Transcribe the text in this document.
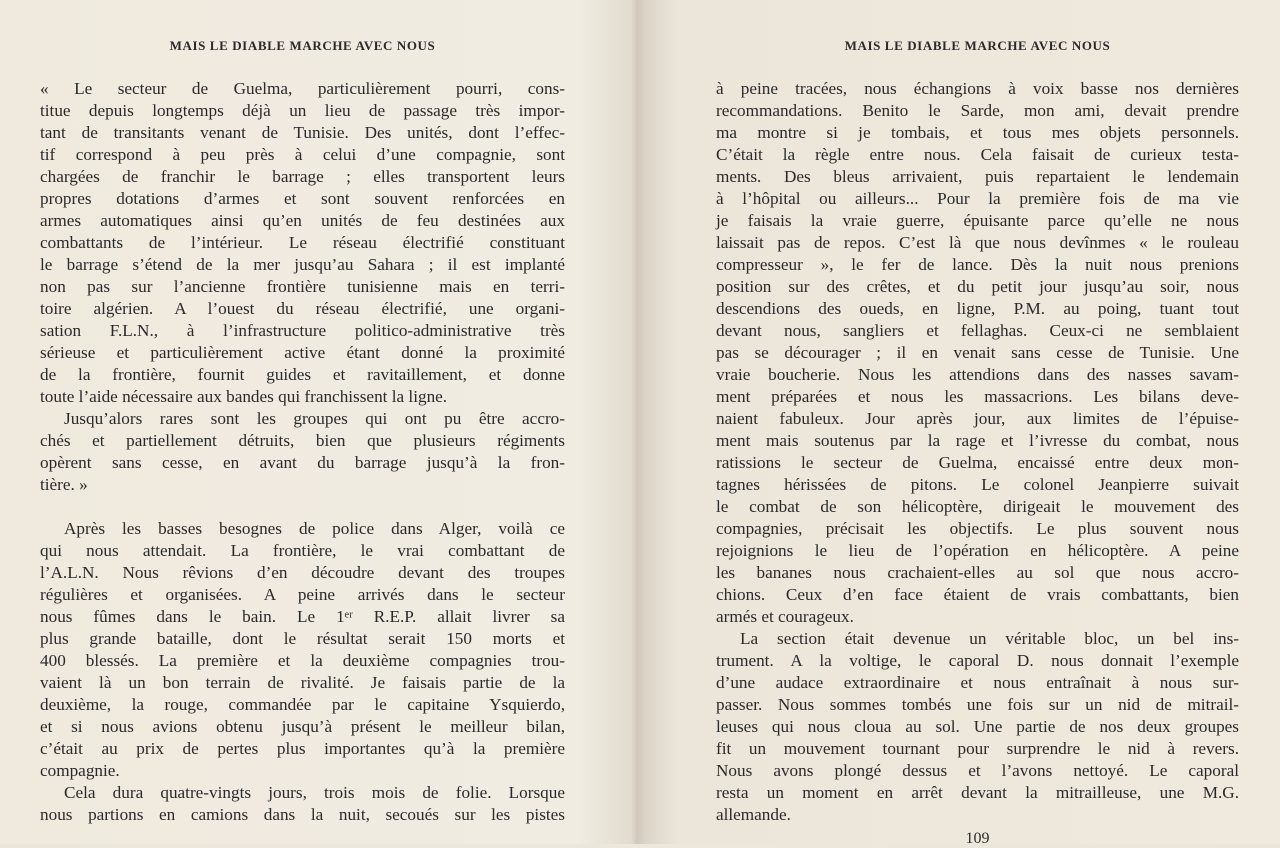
MAIS LE DIABLE MARCHE AVEC NOUS
« Le secteur de Guelma, particulièrement pourri, cons-
titue depuis longtemps déjà un lieu de passage très impor-
tant de transitants venant de Tunisie. Des unités, dont l’effec-
tif correspond à peu près à celui d’une compagnie, sont
chargées de franchir le barrage ; elles transportent leurs
propres dotations d’armes et sont souvent renforcées en
armes automatiques ainsi qu’en unités de feu destinées aux
combattants de l’intérieur. Le réseau électrifié constituant
le barrage s’étend de la mer jusqu’au Sahara ; il est implanté
non pas sur l’ancienne frontière tunisienne mais en terri-
toire algérien. A l’ouest du réseau électrifié, une organi-
sation F.L.N., à l’infrastructure politico-administrative très
sérieuse et particulièrement active étant donné la proximité
de la frontière, fournit guides et ravitaillement, et donne
toute l’aide nécessaire aux bandes qui franchissent la ligne.
Jusqu’alors rares sont les groupes qui ont pu être accro-
chés et partiellement détruits, bien que plusieurs régiments
opèrent sans cesse, en avant du barrage jusqu’à la fron-
tière. »
Après les basses besognes de police dans Alger, voilà ce
qui nous attendait. La frontière, le vrai combattant de
l’A.L.N. Nous rêvions d’en découdre devant des troupes
régulières et organisées. A peine arrivés dans le secteur
nous fûmes dans le bain. Le 1ᵉʳ R.E.P. allait livrer sa
plus grande bataille, dont le résultat serait 150 morts et
400 blessés. La première et la deuxième compagnies trou-
vaient là un bon terrain de rivalité. Je faisais partie de la
deuxième, la rouge, commandée par le capitaine Ysquierdo,
et si nous avions obtenu jusqu’à présent le meilleur bilan,
c’était au prix de pertes plus importantes qu’à la première
compagnie.
Cela dura quatre-vingts jours, trois mois de folie. Lorsque
nous partions en camions dans la nuit, secoués sur les pistes
MAIS LE DIABLE MARCHE AVEC NOUS
à peine tracées, nous échangions à voix basse nos dernières
recommandations. Benito le Sarde, mon ami, devait prendre
ma montre si je tombais, et tous mes objets personnels.
C’était la règle entre nous. Cela faisait de curieux testa-
ments. Des bleus arrivaient, puis repartaient le lendemain
à l’hôpital ou ailleurs... Pour la première fois de ma vie
je faisais la vraie guerre, épuisante parce qu’elle ne nous
laissait pas de repos. C’est là que nous devînmes « le rouleau
compresseur », le fer de lance. Dès la nuit nous prenions
position sur des crêtes, et du petit jour jusqu’au soir, nous
descendions des oueds, en ligne, P.M. au poing, tuant tout
devant nous, sangliers et fellaghas. Ceux-ci ne semblaient
pas se décourager ; il en venait sans cesse de Tunisie. Une
vraie boucherie. Nous les attendions dans des nasses savam-
ment préparées et nous les massacrions. Les bilans deve-
naient fabuleux. Jour après jour, aux limites de l’épuise-
ment mais soutenus par la rage et l’ivresse du combat, nous
ratissions le secteur de Guelma, encaissé entre deux mon-
tagnes hérissées de pitons. Le colonel Jeanpierre suivait
le combat de son hélicoptère, dirigeait le mouvement des
compagnies, précisait les objectifs. Le plus souvent nous
rejoignions le lieu de l’opération en hélicoptère. A peine
les bananes nous crachaient-elles au sol que nous accro-
chions. Ceux d’en face étaient de vrais combattants, bien
armés et courageux.
La section était devenue un véritable bloc, un bel ins-
trument. A la voltige, le caporal D. nous donnait l’exemple
d’une audace extraordinaire et nous entraînait à nous sur-
passer. Nous sommes tombés une fois sur un nid de mitrail-
leuses qui nous cloua au sol. Une partie de nos deux groupes
fit un mouvement tournant pour surprendre le nid à revers.
Nous avons plongé dessus et l’avons nettoyé. Le caporal
resta un moment en arrêt devant la mitrailleuse, une M.G.
allemande.
109
